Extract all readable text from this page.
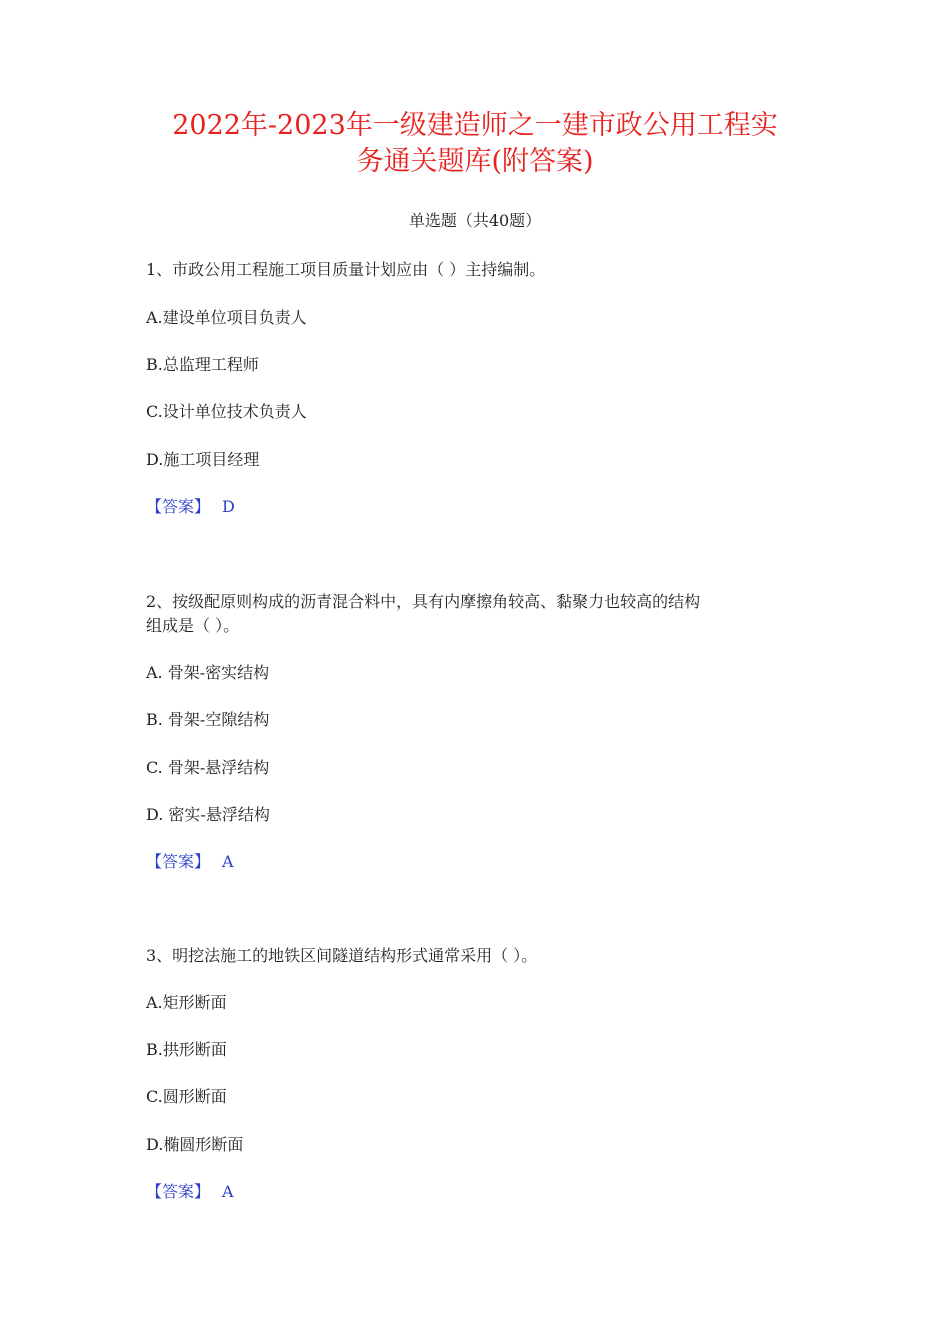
2022年-2023年一级建造师之一建市政公用工程实
务通关题库(附答案)
单选题（共40题）
1、市政公用工程施工项目质量计划应由（ ）主持编制。
A.建设单位项目负责人
B.总监理工程师
C.设计单位技术负责人
D.施工项目经理
【答案】 D
2、按级配原则构成的沥青混合料中，具有内摩擦角较高、黏聚力也较高的结构
组成是（ ）。
A. 骨架-密实结构
B. 骨架-空隙结构
C. 骨架-悬浮结构
D. 密实-悬浮结构
【答案】 A
3、明挖法施工的地铁区间隧道结构形式通常采用（ ）。
A.矩形断面
B.拱形断面
C.圆形断面
D.椭圆形断面
【答案】 A
